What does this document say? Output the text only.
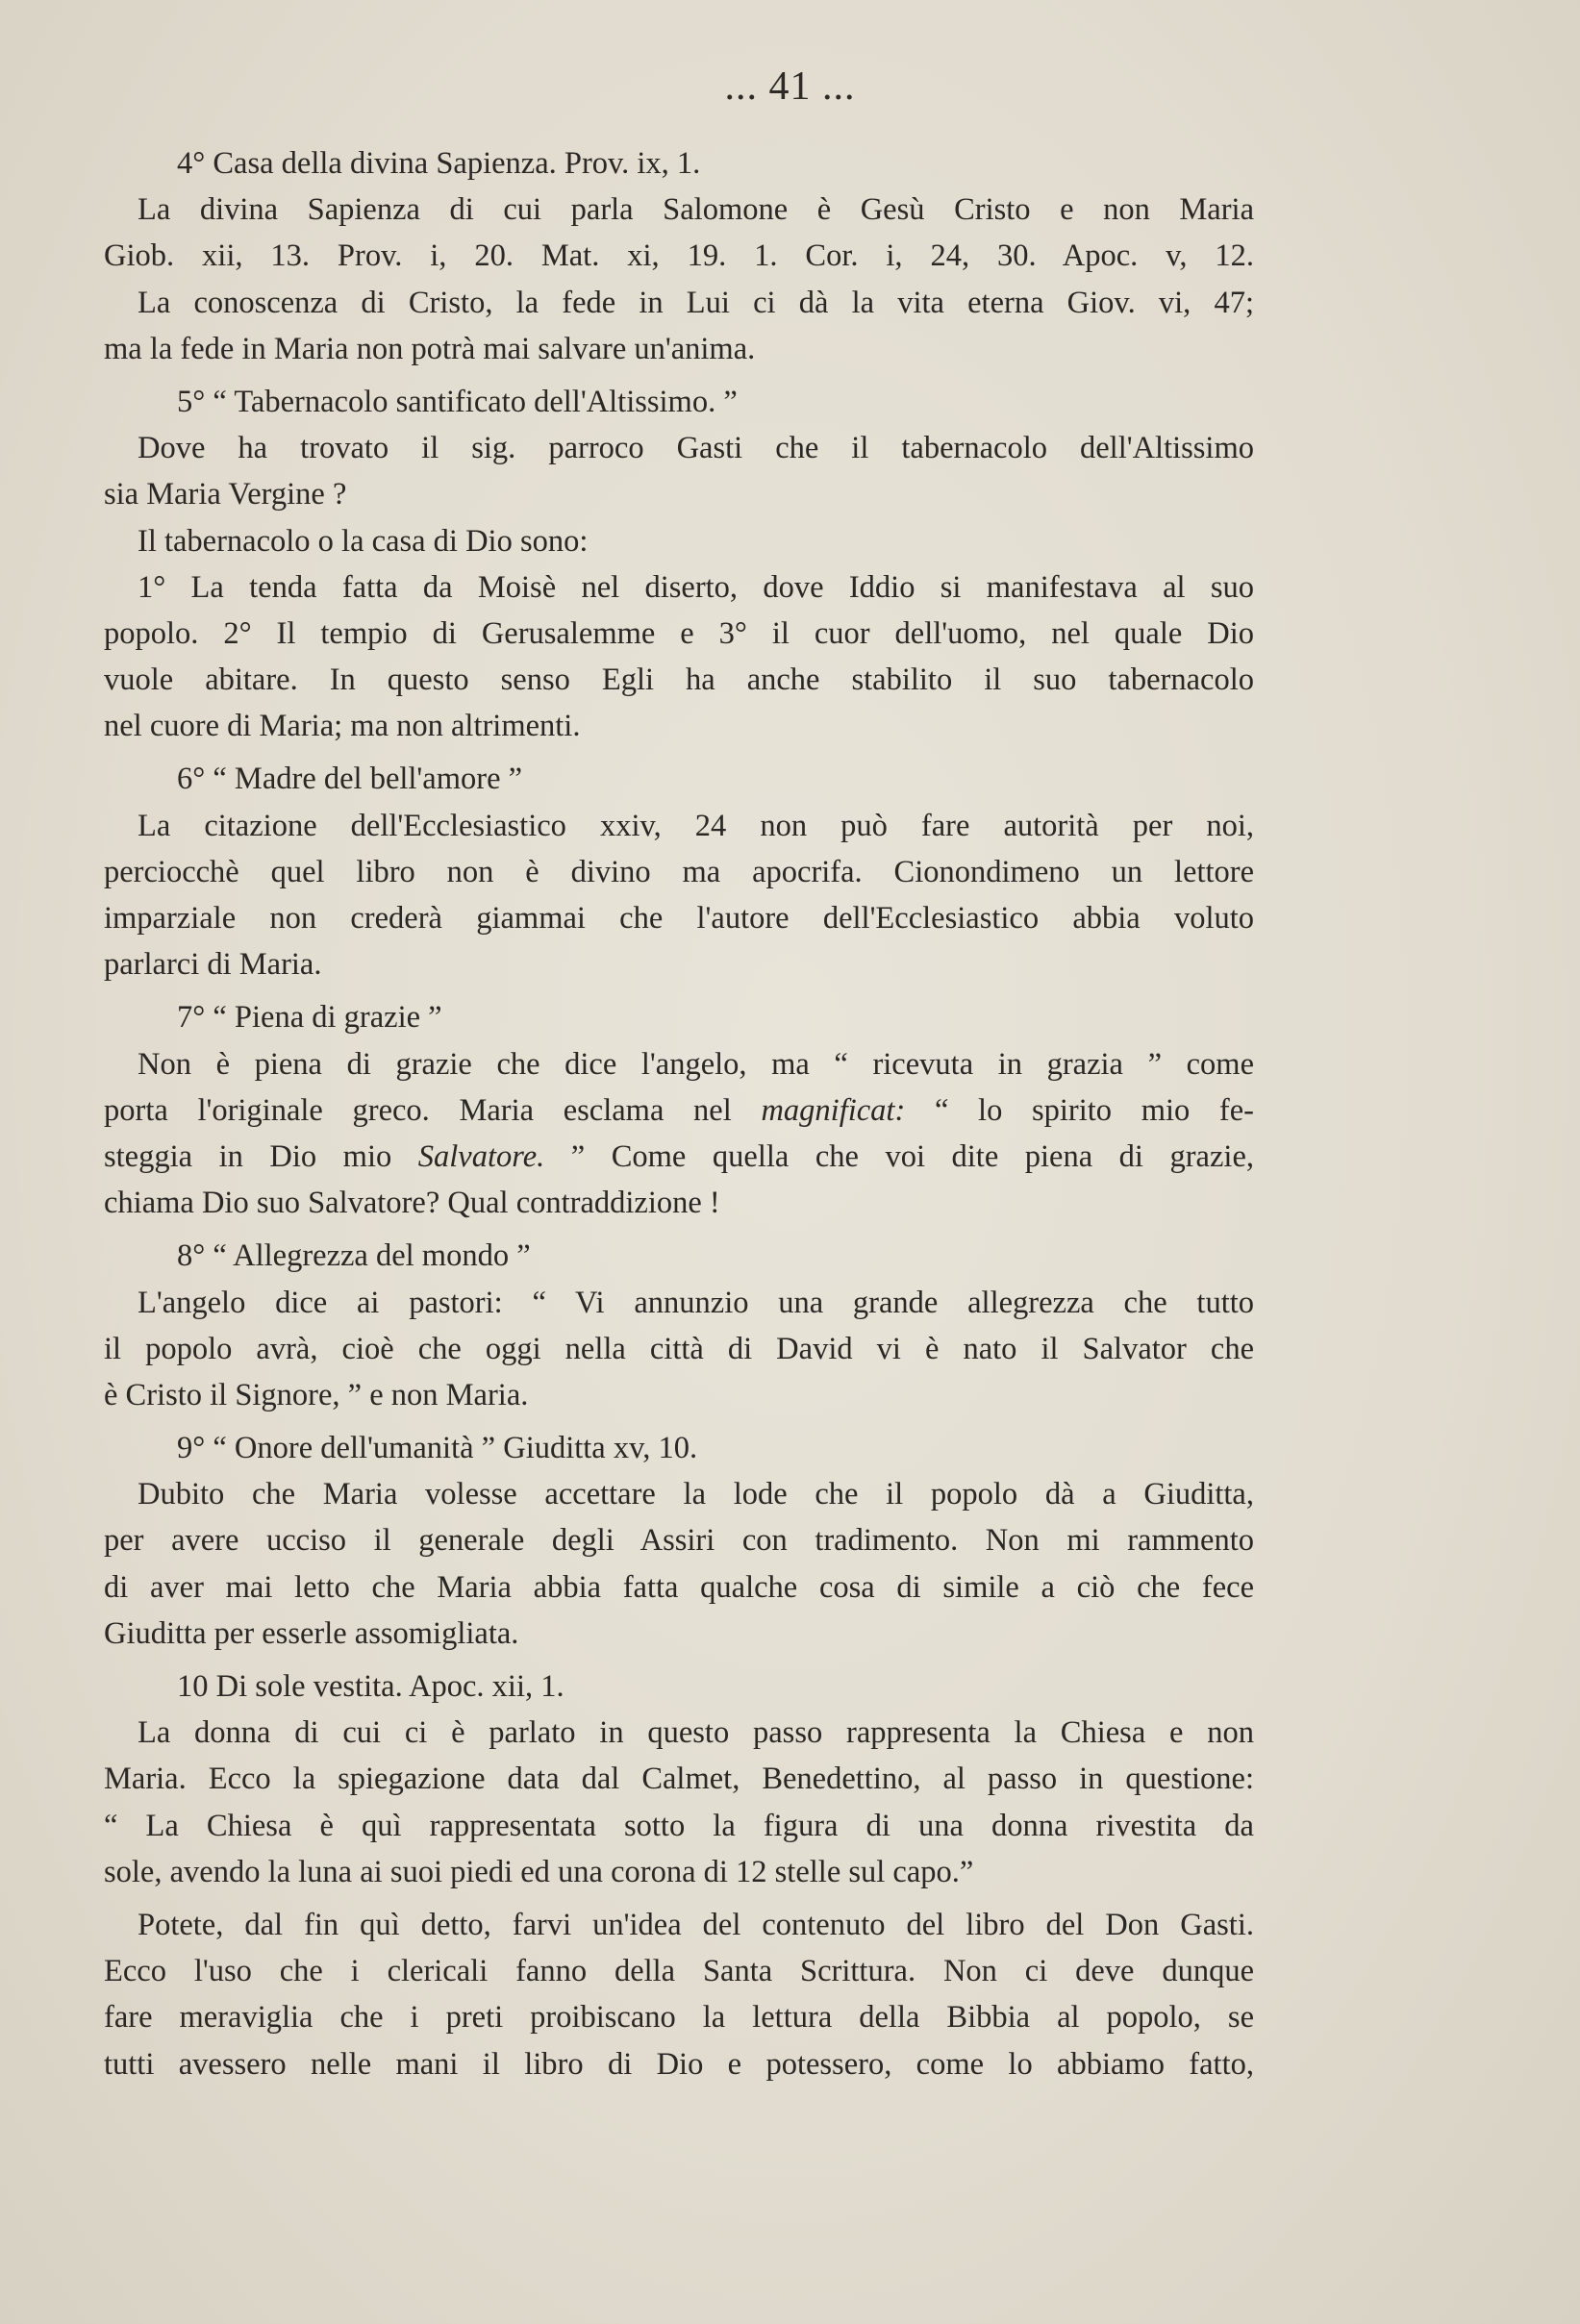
... 41 ...
4° Casa della divina Sapienza. Prov. ix, 1.
La divina Sapienza di cui parla Salomone è Gesù Cristo e non Maria
Giob. xii, 13. Prov. i, 20. Mat. xi, 19. 1. Cor. i, 24, 30. Apoc. v, 12.
La conoscenza di Cristo, la fede in Lui ci dà la vita eterna Giov. vi, 47;
ma la fede in Maria non potrà mai salvare un'anima.
5° “ Tabernacolo santificato dell'Altissimo. ”
Dove ha trovato il sig. parroco Gasti che il tabernacolo dell'Altissimo
sia Maria Vergine ?
Il tabernacolo o la casa di Dio sono:
1° La tenda fatta da Moisè nel diserto, dove Iddio si manifestava al suo
popolo. 2° Il tempio di Gerusalemme e 3° il cuor dell'uomo, nel quale Dio
vuole abitare. In questo senso Egli ha anche stabilito il suo tabernacolo
nel cuore di Maria; ma non altrimenti.
6° “ Madre del bell'amore ”
La citazione dell'Ecclesiastico xxiv, 24 non può fare autorità per noi,
perciocchè quel libro non è divino ma apocrifa. Cionondimeno un lettore
imparziale non crederà giammai che l'autore dell'Ecclesiastico abbia voluto
parlarci di Maria.
7° “ Piena di grazie ”
Non è piena di grazie che dice l'angelo, ma “ ricevuta in grazia ” come
porta l'originale greco. Maria esclama nel magnificat: “ lo spirito mio fe-
steggia in Dio mio Salvatore. ” Come quella che voi dite piena di grazie,
chiama Dio suo Salvatore? Qual contraddizione !
8° “ Allegrezza del mondo ”
L'angelo dice ai pastori: “ Vi annunzio una grande allegrezza che tutto
il popolo avrà, cioè che oggi nella città di David vi è nato il Salvator che
è Cristo il Signore, ” e non Maria.
9° “ Onore dell'umanità ” Giuditta xv, 10.
Dubito che Maria volesse accettare la lode che il popolo dà a Giuditta,
per avere ucciso il generale degli Assiri con tradimento. Non mi rammento
di aver mai letto che Maria abbia fatta qualche cosa di simile a ciò che fece
Giuditta per esserle assomigliata.
10 Di sole vestita. Apoc. xii, 1.
La donna di cui ci è parlato in questo passo rappresenta la Chiesa e non
Maria. Ecco la spiegazione data dal Calmet, Benedettino, al passo in questione:
“ La Chiesa è quì rappresentata sotto la figura di una donna rivestita da
sole, avendo la luna ai suoi piedi ed una corona di 12 stelle sul capo.”
Potete, dal fin quì detto, farvi un'idea del contenuto del libro del Don Gasti.
Ecco l'uso che i clericali fanno della Santa Scrittura. Non ci deve dunque
fare meraviglia che i preti proibiscano la lettura della Bibbia al popolo, se
tutti avessero nelle mani il libro di Dio e potessero, come lo abbiamo fatto,
